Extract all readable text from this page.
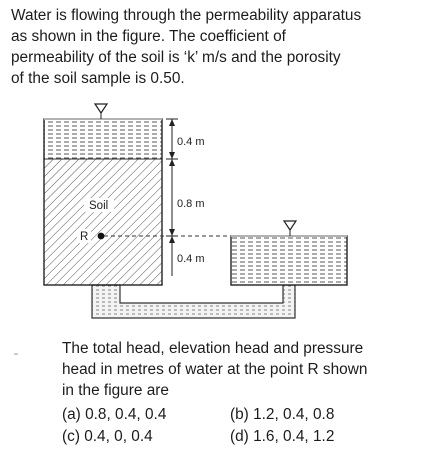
Water is flowing through the permeability apparatus
as shown in the figure. The coefficient of
permeability of the soil is ‘k’ m/s and the porosity
of the soil sample is 0.50.
Soil
R
0.4 m
0.8 m
0.4 m
The total head, elevation head and pressure
head in metres of water at the point R shown
in the figure are
(a) 0.8, 0.4, 0.4	(b) 1.2, 0.4, 0.8
(c) 0.4, 0, 0.4	(d) 1.6, 0.4, 1.2
